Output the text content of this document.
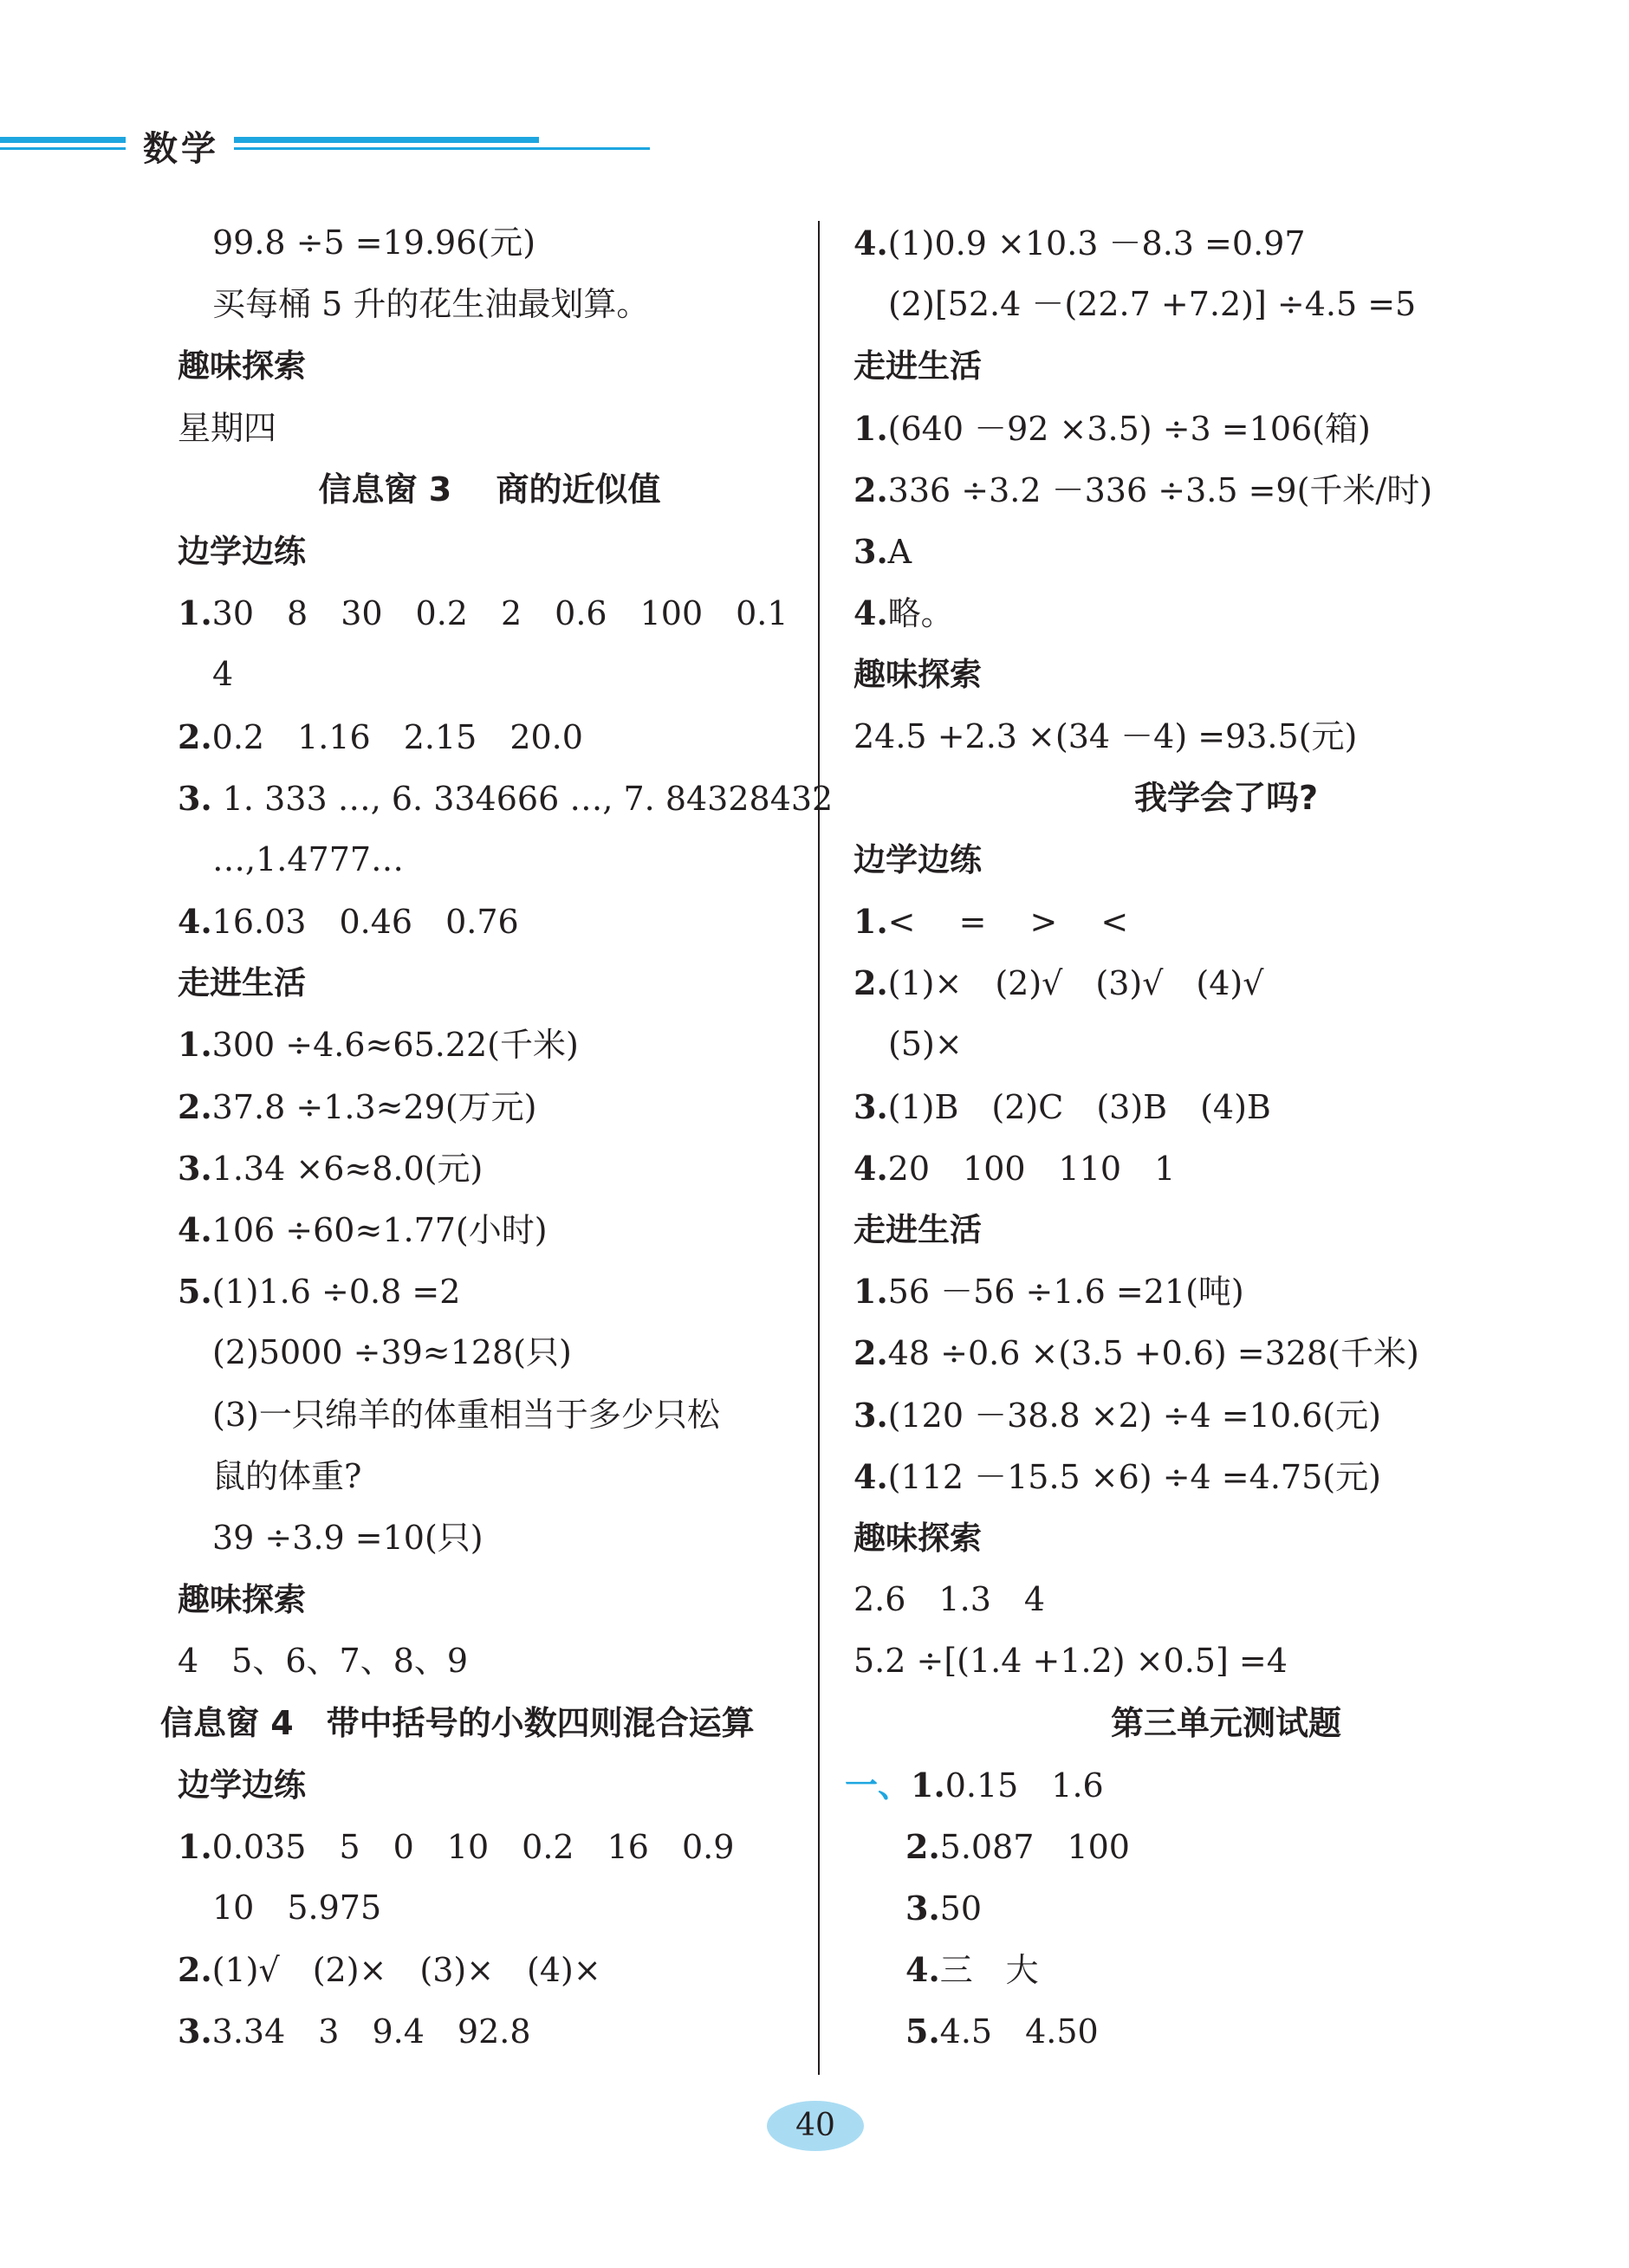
数学
99.8 ÷5 =19.96(元)
买每桶 5 升的花生油最划算。
趣味探索
星期四
信息窗 3　 商的近似值
边学边练
1.30　8　30　0.2　2　0.6　100　0.1
4
2.0.2　1.16　2.15　20.0
3. 1. 333 …, 6. 334666 …, 7. 84328432
…,1.4777…
4.16.03　0.46　0.76
走进生活
1.300 ÷4.6≈65.22(千米)
2.37.8 ÷1.3≈29(万元)
3.1.34 ×6≈8.0(元)
4.106 ÷60≈1.77(小时)
5.(1)1.6 ÷0.8 =2
(2)5000 ÷39≈128(只)
(3)一只绵羊的体重相当于多少只松
鼠的体重?
39 ÷3.9 =10(只)
趣味探索
4　5、6、7、8、9
信息窗 4　带中括号的小数四则混合运算
边学边练
1.0.035　5　0　10　0.2　16　0.9
10　5.975
2.(1)√　(2)×　(3)×　(4)×
3.3.34　3　9.4　92.8
4.(1)0.9 ×10.3 －8.3 =0.97
(2)[52.4 －(22.7 +7.2)] ÷4.5 =5
走进生活
1.(640 －92 ×3.5) ÷3 =106(箱)
2.336 ÷3.2 －336 ÷3.5 =9(千米/时)
3.A
4.略。
趣味探索
24.5 +2.3 ×(34 －4) =93.5(元)
我学会了吗?
边学边练
1.<　 =　 >　 <
2.(1)×　(2)√　(3)√　(4)√
(5)×
3.(1)B　(2)C　(3)B　(4)B
4.20　100　110　1
走进生活
1.56 －56 ÷1.6 =21(吨)
2.48 ÷0.6 ×(3.5 +0.6) =328(千米)
3.(120 －38.8 ×2) ÷4 =10.6(元)
4.(112 －15.5 ×6) ÷4 =4.75(元)
趣味探索
2.6　1.3　4
5.2 ÷[(1.4 +1.2) ×0.5] =4
第三单元测试题
一、1.0.15　1.6
2.5.087　100
3.50
4.三　大
5.4.5　4.50
40
